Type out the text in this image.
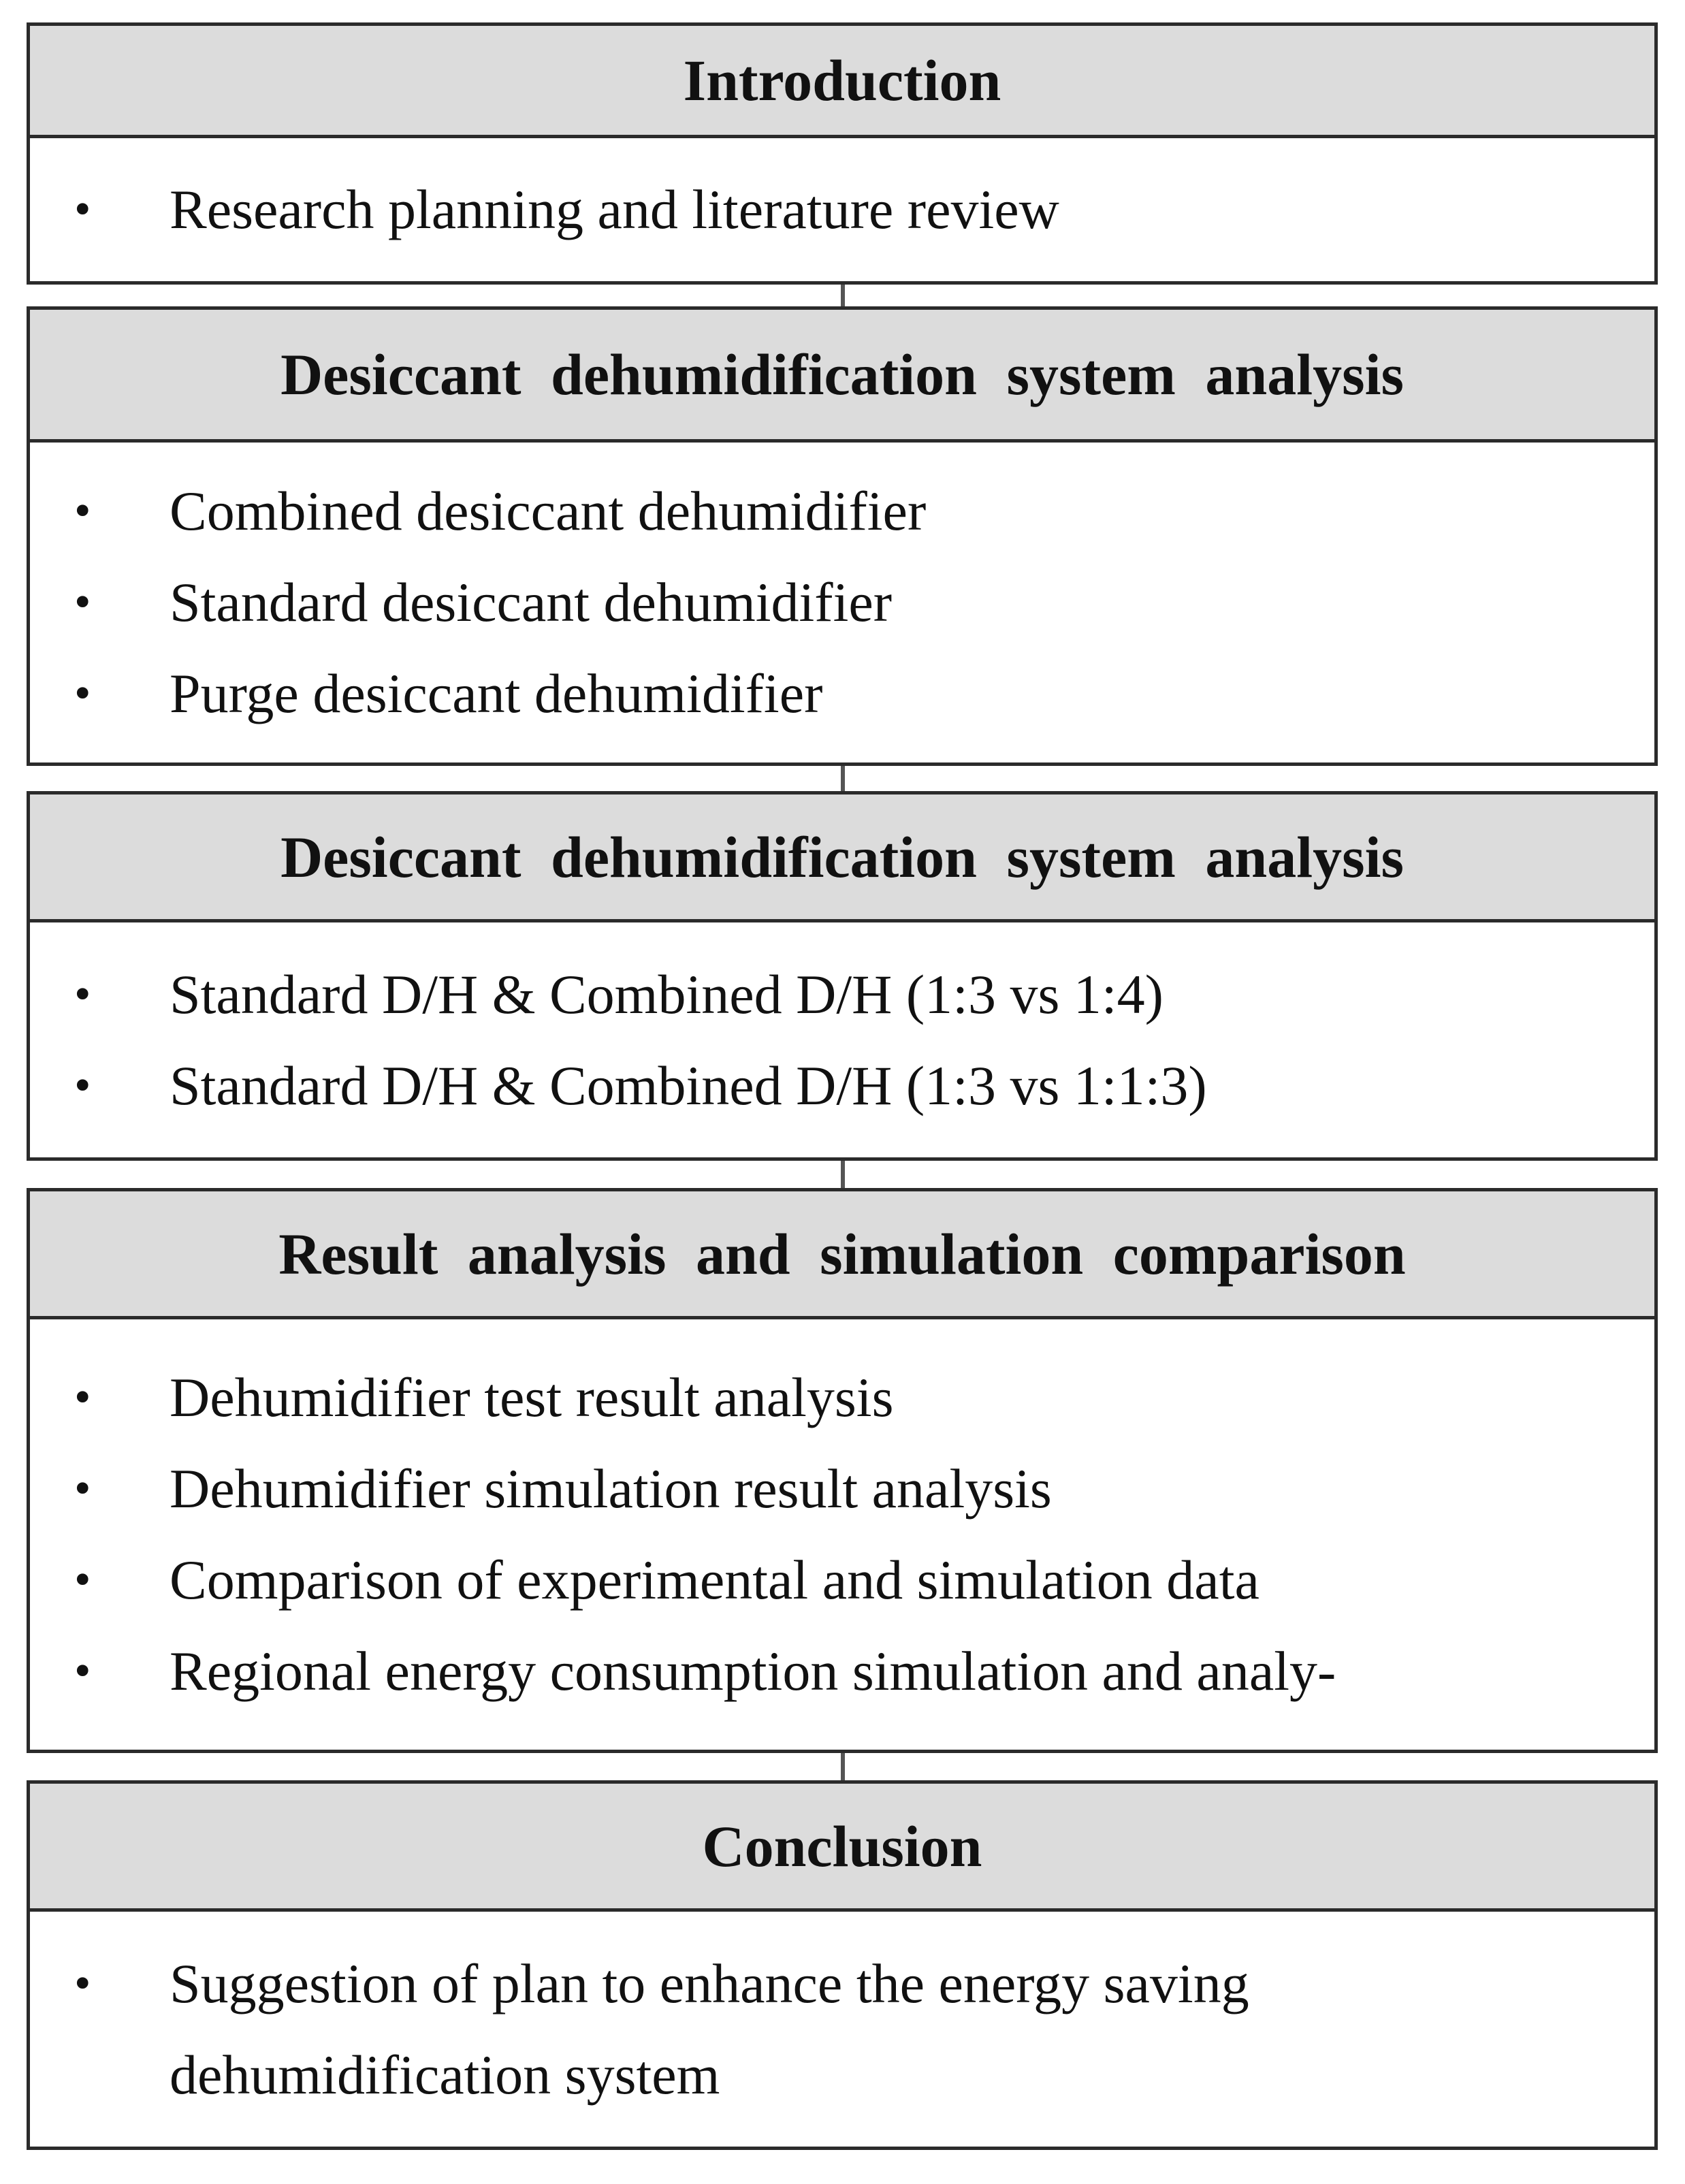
Introduction
• Research planning and literature review
Desiccant dehumidification system analysis
• Combined desiccant dehumidifier
• Standard desiccant dehumidifier
• Purge desiccant dehumidifier
Desiccant dehumidification system analysis
• Standard D/H & Combined D/H (1:3 vs 1:4)
• Standard D/H & Combined D/H (1:3 vs 1:1:3)
Result analysis and simulation comparison
• Dehumidifier test result analysis
• Dehumidifier simulation result analysis
• Comparison of experimental and simulation data
• Regional energy consumption simulation and analy-
Conclusion
• Suggestion of plan to enhance the energy saving dehumidification system
